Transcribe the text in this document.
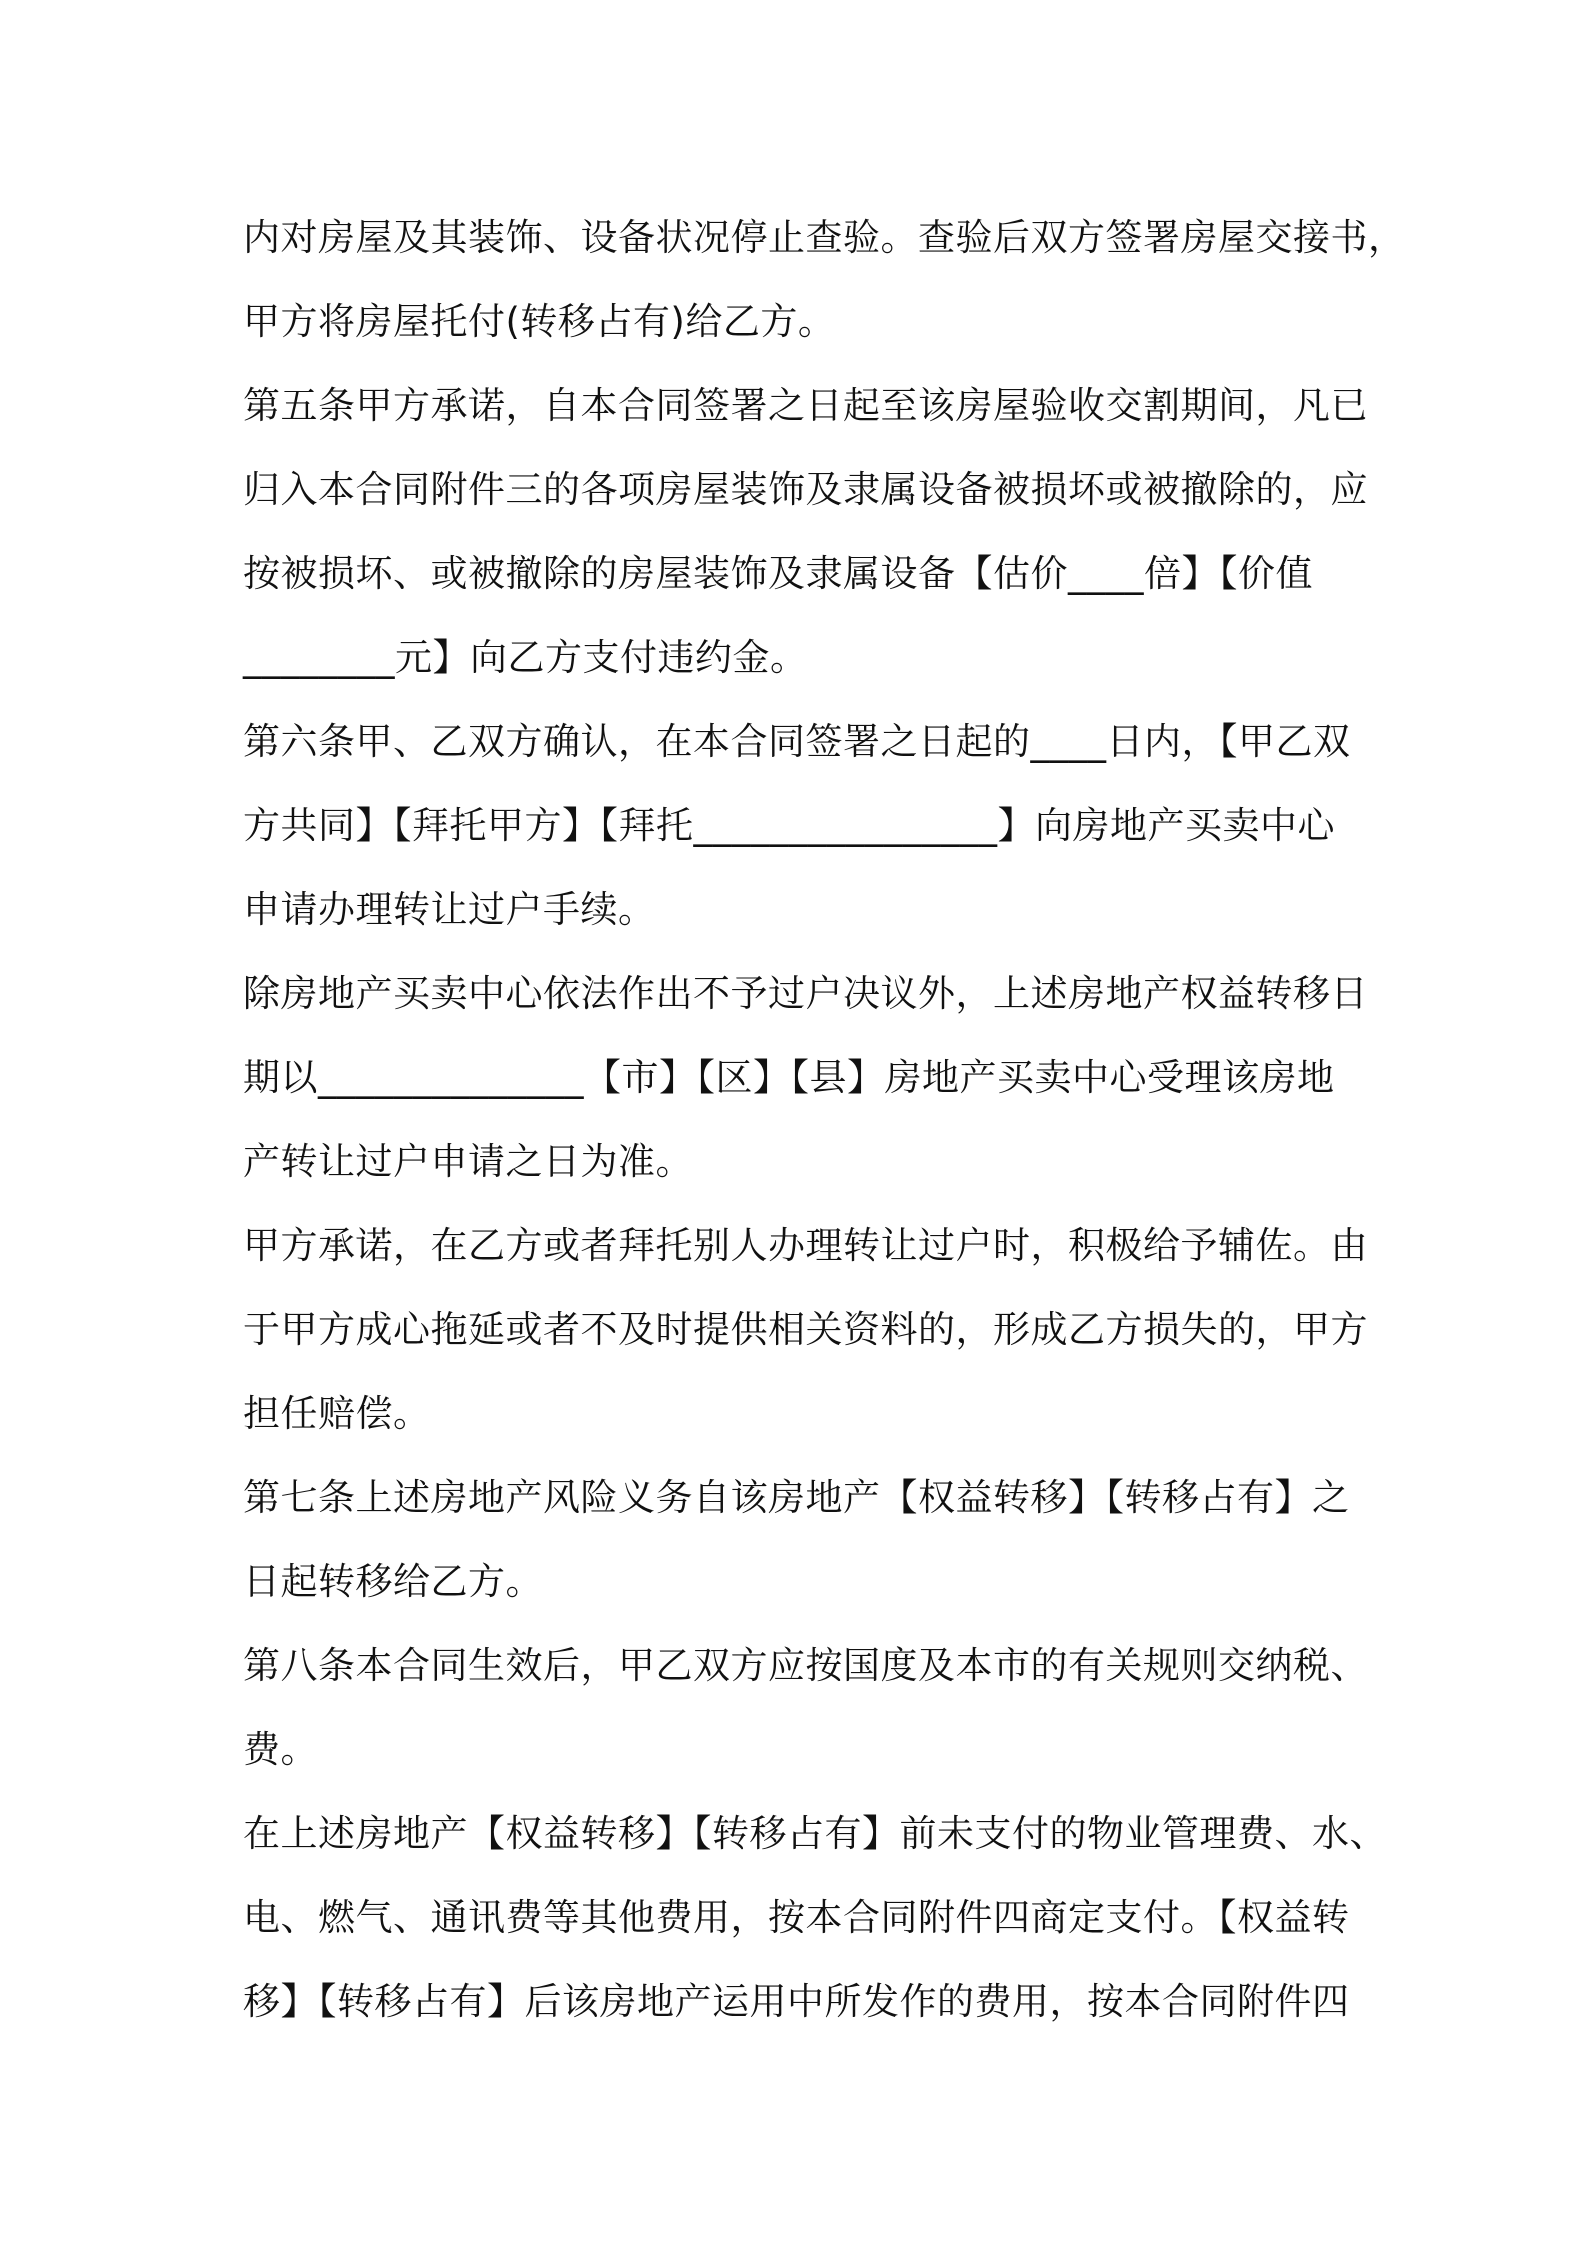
内对房屋及其装饰、设备状况停止查验。查验后双方签署房屋交接书，
甲方将房屋托付(转移占有)给乙方。
第五条甲方承诺，自本合同签署之日起至该房屋验收交割期间，凡已
归入本合同附件三的各项房屋装饰及隶属设备被损坏或被撤除的，应
按被损坏、或被撤除的房屋装饰及隶属设备【估价____倍】【价值
________元】向乙方支付违约金。
第六条甲、乙双方确认，在本合同签署之日起的____日内，【甲乙双
方共同】【拜托甲方】【拜托________________】向房地产买卖中心
申请办理转让过户手续。
除房地产买卖中心依法作出不予过户决议外，上述房地产权益转移日
期以______________【市】【区】【县】房地产买卖中心受理该房地
产转让过户申请之日为准。
甲方承诺，在乙方或者拜托别人办理转让过户时，积极给予辅佐。由
于甲方成心拖延或者不及时提供相关资料的，形成乙方损失的，甲方
担任赔偿。
第七条上述房地产风险义务自该房地产【权益转移】【转移占有】之
日起转移给乙方。
第八条本合同生效后，甲乙双方应按国度及本市的有关规则交纳税、
费。
在上述房地产【权益转移】【转移占有】前未支付的物业管理费、水、
电、燃气、通讯费等其他费用，按本合同附件四商定支付。【权益转
移】【转移占有】后该房地产运用中所发作的费用，按本合同附件四
